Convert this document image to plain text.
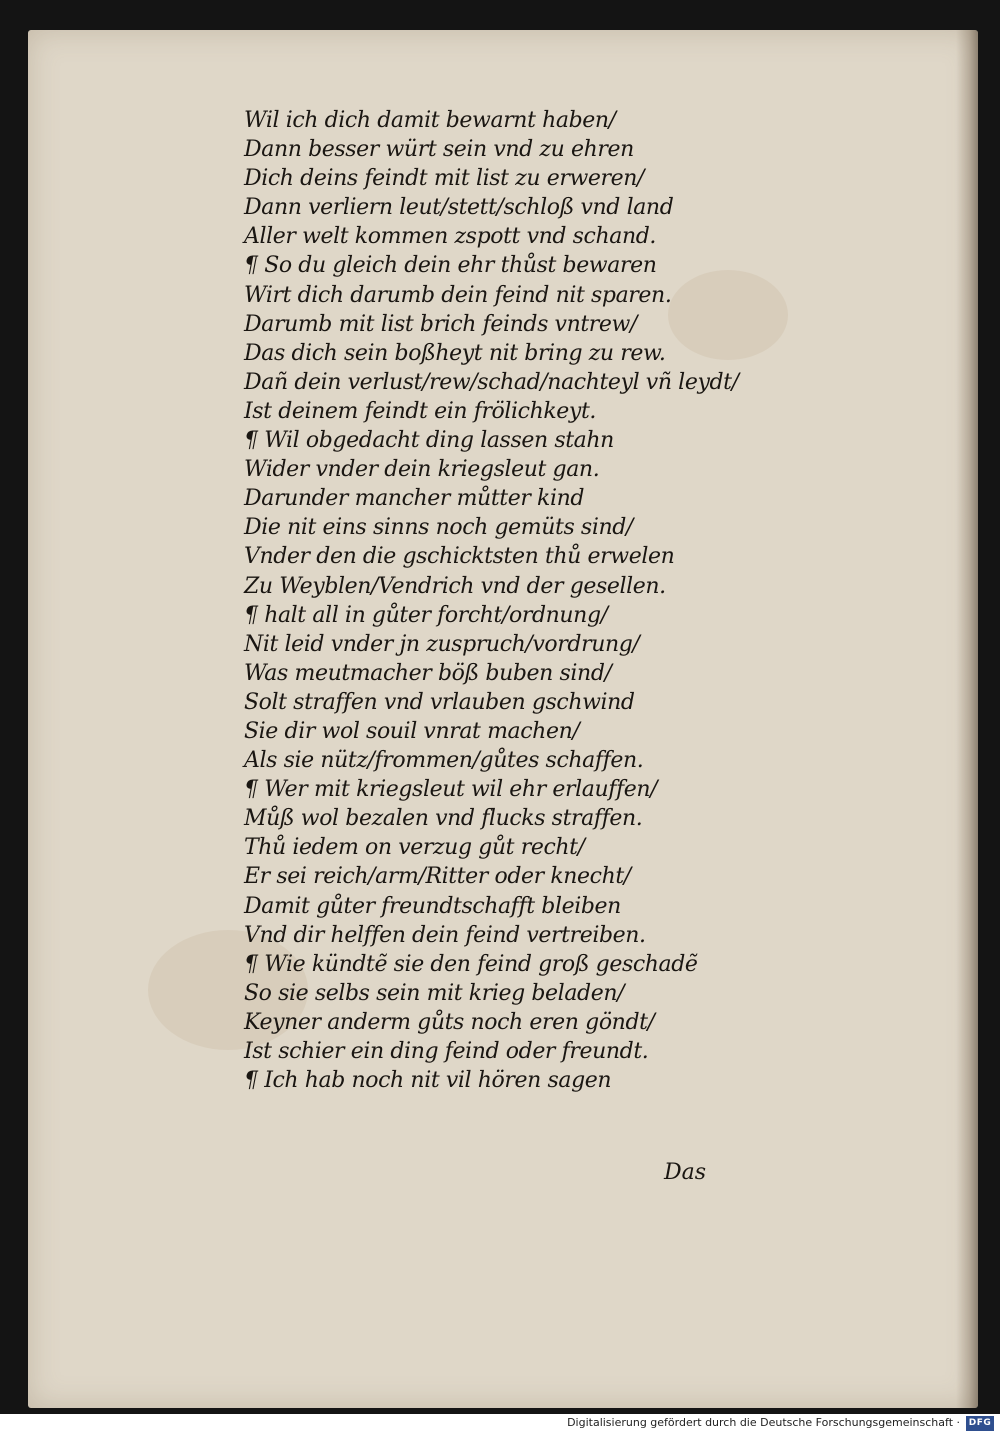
Wil ich dich damit bewarnt haben/
Dann besser würt sein vnd zu ehren
Dich deins feindt mit list zu erweren/
Dann verliern leut/stett/schloß vnd land
Aller welt kommen zspott vnd schand.
¶ So du gleich dein ehr thůst bewaren
Wirt dich darumb dein feind nit sparen.
Darumb mit list brich feinds vntrew/
Das dich sein boßheyt nit bring zu rew.
Dañ dein verlust/rew/schad/nachteyl vñ leydt/
Ist deinem feindt ein frölichkeyt.
¶ Wil obgedacht ding lassen stahn
Wider vnder dein kriegsleut gan.
Darunder mancher můtter kind
Die nit eins sinns noch gemüts sind/
Vnder den die gschicktsten thů erwelen
Zu Weyblen/Vendrich vnd der gesellen.
¶ halt all in gůter forcht/ordnung/
Nit leid vnder jn zuspruch/vordrung/
Was meutmacher böß buben sind/
Solt straffen vnd vrlauben gschwind
Sie dir wol souil vnrat machen/
Als sie nütz/frommen/gůtes schaffen.
¶ Wer mit kriegsleut wil ehr erlauffen/
Můß wol bezalen vnd flucks straffen.
Thů iedem on verzug gůt recht/
Er sei reich/arm/Ritter oder knecht/
Damit gůter freundtschafft bleiben
Vnd dir helffen dein feind vertreiben.
¶ Wie kündtẽ sie den feind groß geschadẽ
So sie selbs sein mit krieg beladen/
Keyner anderm gůts noch eren göndt/
Ist schier ein ding feind oder freundt.
¶ Ich hab noch nit vil hören sagen
Das
Digitalisierung gefördert durch die Deutsche Forschungsgemeinschaft · DFG
